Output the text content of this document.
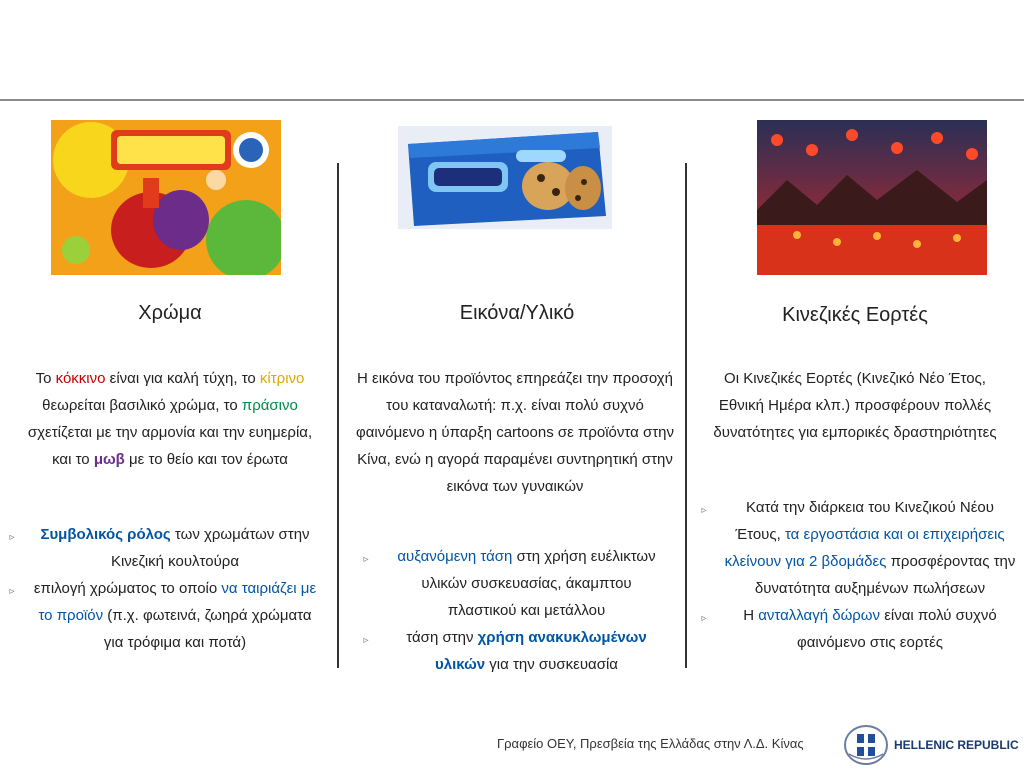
Χρώμα	Εικόνα/Υλικό	Κινεζικές Εορτές
Το κόκκινο είναι για καλή τύχη, το κίτρινο θεωρείται βασιλικό χρώμα, το πράσινο σχετίζεται με την αρμονία και την ευημερία, και το μωβ με το θείο και τον έρωτα
Η εικόνα του προϊόντος επηρεάζει την προσοχή του καταναλωτή: π.χ. είναι πολύ συχνό φαινόμενο η ύπαρξη cartoons σε προϊόντα στην Κίνα, ενώ η αγορά παραμένει συντηρητική στην εικόνα των γυναικών
Οι Κινεζικές Εορτές (Κινεζικό Νέο Έτος, Εθνική Ημέρα κλπ.) προσφέρουν πολλές δυνατότητες για εμπορικές δραστηριότητες
▹ Συμβολικός ρόλος των χρωμάτων στην Κινεζική κουλτούρα
▹ επιλογή χρώματος το οποίο να ταιριάζει με το προϊόν (π.χ. φωτεινά, ζωηρά χρώματα για τρόφιμα και ποτά)
▹ αυξανόμενη τάση στη χρήση ευέλικτων υλικών συσκευασίας, άκαμπτου πλαστικού και μετάλλου
▹	τάση στην χρήση ανακυκλωμένων υλικών για την συσκευασία
▹	Κατά την διάρκεια του Κινεζικού Νέου Έτους, τα εργοστάσια και οι επιχειρήσεις κλείνουν για 2 βδομάδες προσφέροντας την δυνατότητα αυξημένων πωλήσεων
▹ Η ανταλλαγή δώρων είναι πολύ συχνό φαινόμενο στις εορτές
Γραφείο ΟΕΥ, Πρεσβεία της Ελλάδας στην Λ.Δ. Κίνας	HELLENIC REPUBLIC
